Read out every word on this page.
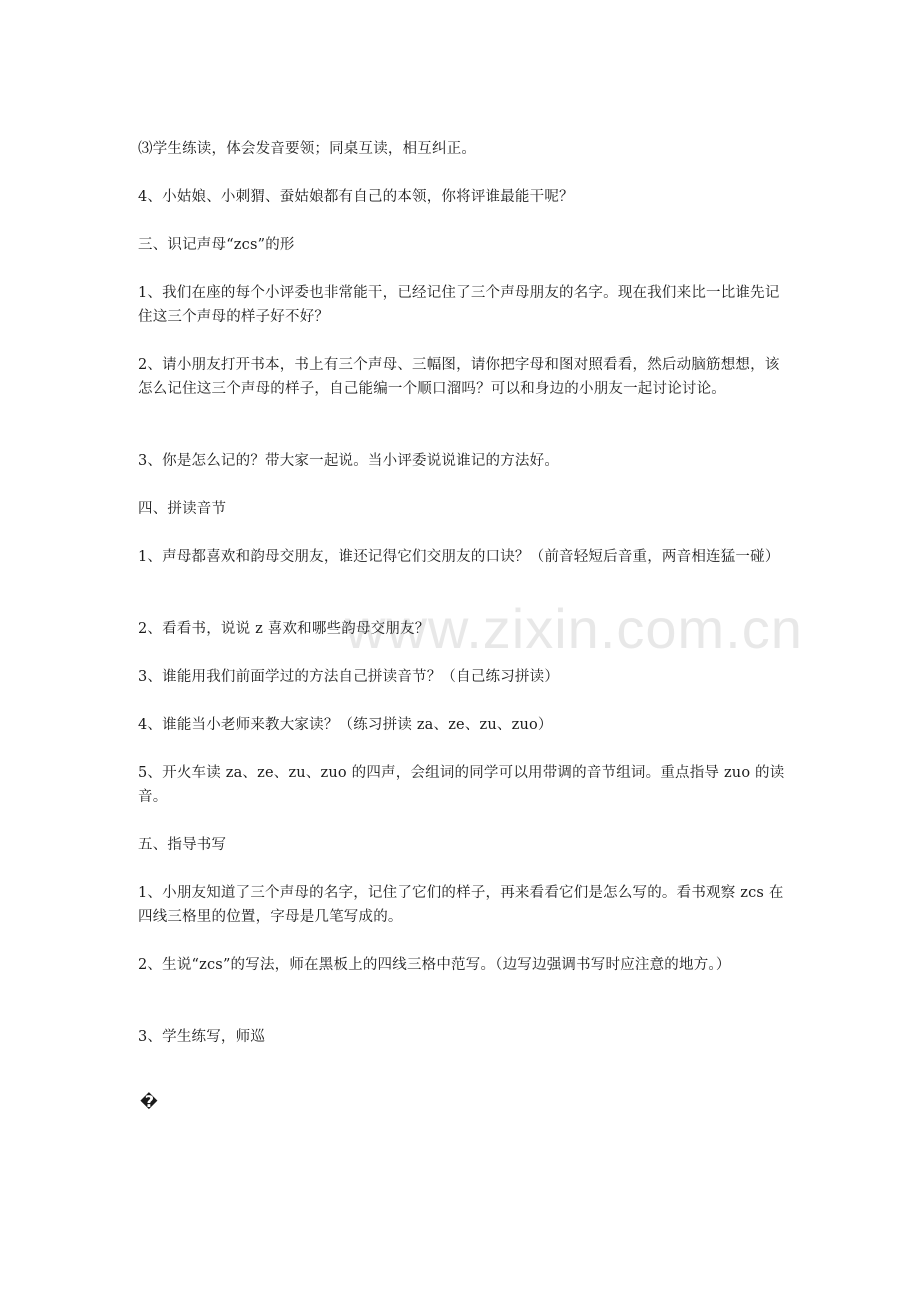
www.zixin.com.cn
⑶学生练读，体会发音要领；同桌互读，相互纠正。
4、小姑娘、小刺猬、蚕姑娘都有自己的本领，你将评谁最能干呢？
三、识记声母“zcs”的形
1、我们在座的每个小评委也非常能干，已经记住了三个声母朋友的名字。现在我们来比一比谁先记住这三个声母的样子好不好？
2、请小朋友打开书本，书上有三个声母、三幅图，请你把字母和图对照看看，然后动脑筋想想，该怎么记住这三个声母的样子，自己能编一个顺口溜吗？可以和身边的小朋友一起讨论讨论。
3、你是怎么记的？带大家一起说。当小评委说说谁记的方法好。
四、拼读音节
1、声母都喜欢和韵母交朋友，谁还记得它们交朋友的口诀？（前音轻短后音重，两音相连猛一碰）
2、看看书，说说 z 喜欢和哪些韵母交朋友？
3、谁能用我们前面学过的方法自己拼读音节？（自己练习拼读）
4、谁能当小老师来教大家读？（练习拼读 za、ze、zu、zuo）
5、开火车读 za、ze、zu、zuo 的四声，会组词的同学可以用带调的音节组词。重点指导 zuo 的读音。
五、指导书写
1、小朋友知道了三个声母的名字，记住了它们的样子，再来看看它们是怎么写的。看书观察 zcs 在四线三格里的位置，字母是几笔写成的。
2、生说“zcs”的写法，师在黑板上的四线三格中范写。（边写边强调书写时应注意的地方。）
3、学生练写，师巡
�
